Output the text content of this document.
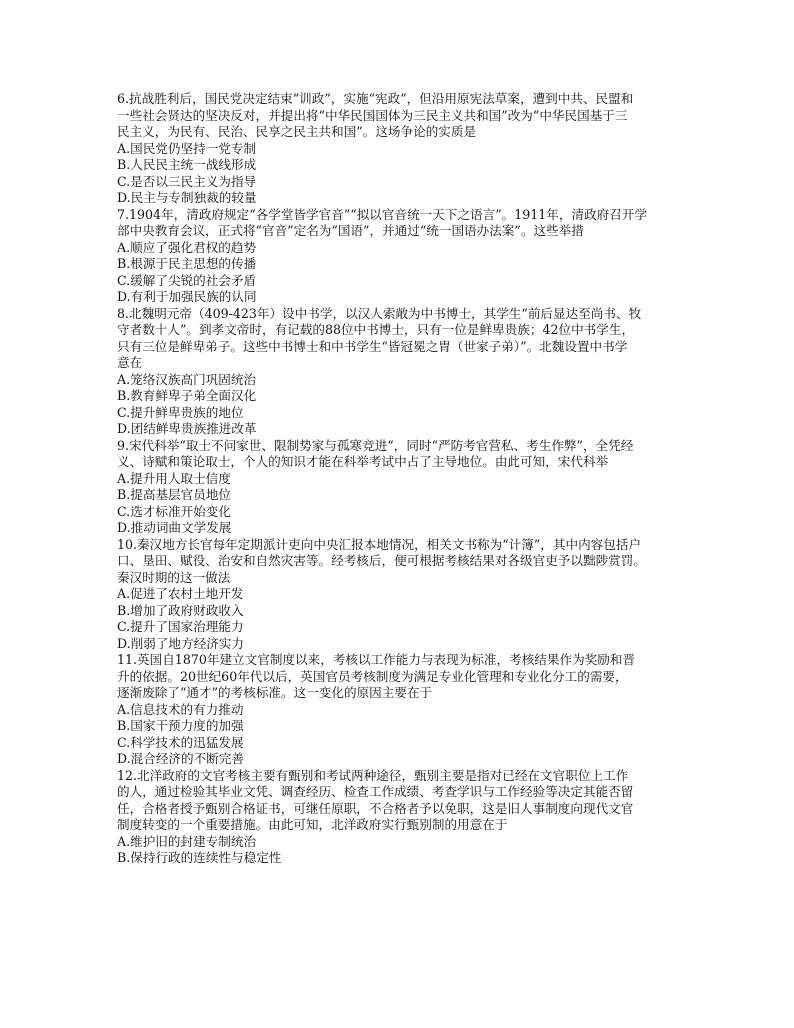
6.抗战胜利后，国民党决定结束“训政”，实施“宪政”，但沿用原宪法草案，遭到中共、民盟和
一些社会贤达的坚决反对，并提出将“中华民国国体为三民主义共和国”改为“中华民国基于三
民主义，为民有、民治、民享之民主共和国”。这场争论的实质是
A.国民党仍坚持一党专制
B.人民民主统一战线形成
C.是否以三民主义为指导
D.民主与专制独裁的较量
7.1904年，清政府规定“各学堂皆学官音”“拟以官音统一天下之语言”。1911年，清政府召开学
部中央教育会议，正式将“官音”定名为“国语”，并通过“统一国语办法案”。这些举措
A.顺应了强化君权的趋势
B.根源于民主思想的传播
C.缓解了尖锐的社会矛盾
D.有利于加强民族的认同
8.北魏明元帝（409-423年）设中书学，以汉人索敞为中书博士，其学生“前后显达至尚书、牧
守者数十人”。到孝文帝时，有记载的88位中书博士，只有一位是鲜卑贵族；42位中书学生，
只有三位是鲜卑弟子。这些中书博士和中书学生“皆冠冕之胄（世家子弟）”。北魏设置中书学
意在
A.笼络汉族高门巩固统治
B.教育鲜卑子弟全面汉化
C.提升鲜卑贵族的地位
D.团结鲜卑贵族推进改革
9.宋代科举“取士不问家世、限制势家与孤寒竞进”，同时“严防考官营私、考生作弊”，全凭经
义、诗赋和策论取士，个人的知识才能在科举考试中占了主导地位。由此可知，宋代科举
A.提升用人取士信度
B.提高基层官员地位
C.选才标准开始变化
D.推动词曲文学发展
10.秦汉地方长官每年定期派计吏向中央汇报本地情况，相关文书称为“计簿”，其中内容包括户
口、垦田、赋役、治安和自然灾害等。经考核后，便可根据考核结果对各级官吏予以黜陟赏罚。
秦汉时期的这一做法
A.促进了农村土地开发
B.增加了政府财政收入
C.提升了国家治理能力
D.削弱了地方经济实力
11.英国自1870年建立文官制度以来，考核以工作能力与表现为标准，考核结果作为奖励和晋
升的依据。20世纪60年代以后，英国官员考核制度为满足专业化管理和专业化分工的需要，
逐渐废除了“通才”的考核标准。这一变化的原因主要在于
A.信息技术的有力推动
B.国家干预力度的加强
C.科学技术的迅猛发展
D.混合经济的不断完善
12.北洋政府的文官考核主要有甄别和考试两种途径，甄别主要是指对已经在文官职位上工作
的人，通过检验其毕业文凭、调查经历、检查工作成绩、考查学识与工作经验等决定其能否留
任，合格者授予甄别合格证书，可继任原职，不合格者予以免职，这是旧人事制度向现代文官
制度转变的一个重要措施。由此可知，北洋政府实行甄别制的用意在于
A.维护旧的封建专制统治
B.保持行政的连续性与稳定性
